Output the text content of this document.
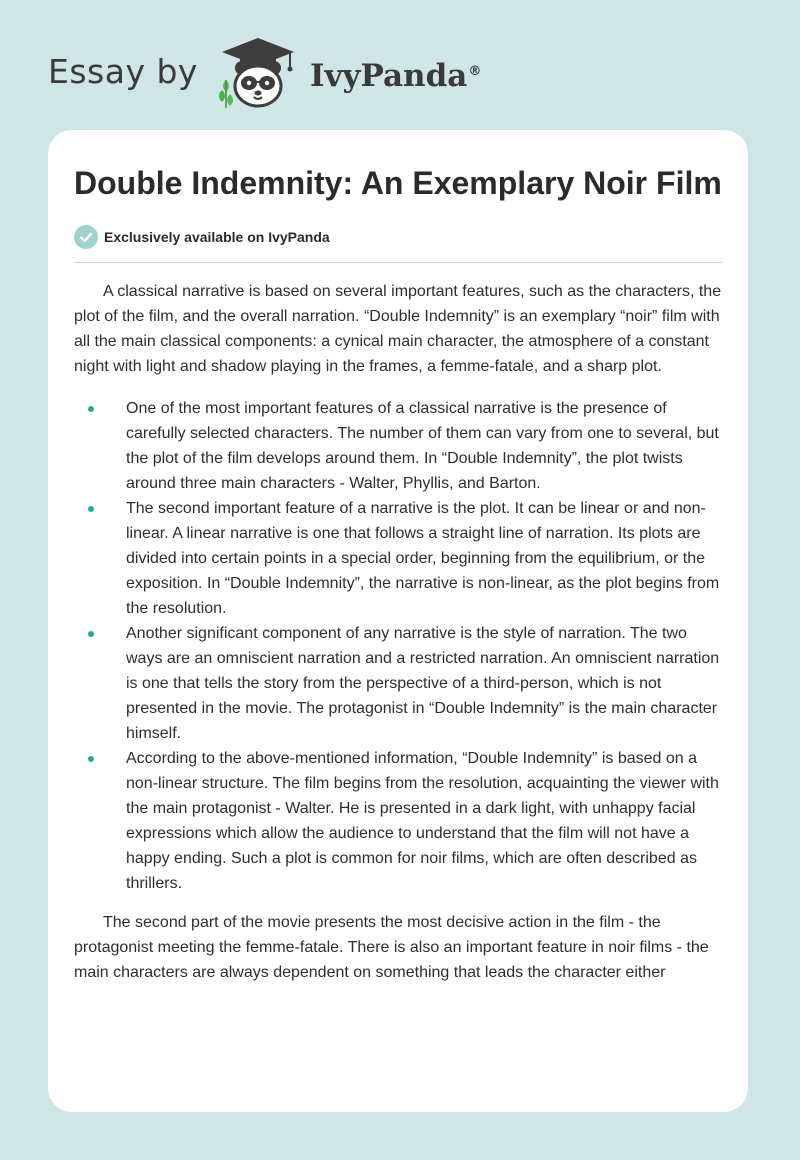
Essay by	IvyPanda®
Double Indemnity: An Exemplary Noir Film
Exclusively available on IvyPanda

A classical narrative is based on several important features, such as the characters, the plot of the film, and the overall narration. “Double Indemnity” is an exemplary “noir” film with all the main classical components: a cynical main character, the atmosphere of a constant night with light and shadow playing in the frames, a femme-fatale, and a sharp plot.

One of the most important features of a classical narrative is the presence of carefully selected characters. The number of them can vary from one to several, but the plot of the film develops around them. In “Double Indemnity”, the plot twists around three main characters - Walter, Phyllis, and Barton.
The second important feature of a narrative is the plot. It can be linear or and non-linear. A linear narrative is one that follows a straight line of narration. Its plots are divided into certain points in a special order, beginning from the equilibrium, or the exposition. In “Double Indemnity”, the narrative is non-linear, as the plot begins from the resolution.
Another significant component of any narrative is the style of narration. The two ways are an omniscient narration and a restricted narration. An omniscient narration is one that tells the story from the perspective of a third-person, which is not presented in the movie. The protagonist in “Double Indemnity” is the main character himself.
According to the above-mentioned information, “Double Indemnity” is based on a non-linear structure. The film begins from the resolution, acquainting the viewer with the main protagonist - Walter. He is presented in a dark light, with unhappy facial expressions which allow the audience to understand that the film will not have a happy ending. Such a plot is common for noir films, which are often described as thrillers.

The second part of the movie presents the most decisive action in the film - the protagonist meeting the femme-fatale. There is also an important feature in noir films - the main characters are always dependent on something that leads the character either
